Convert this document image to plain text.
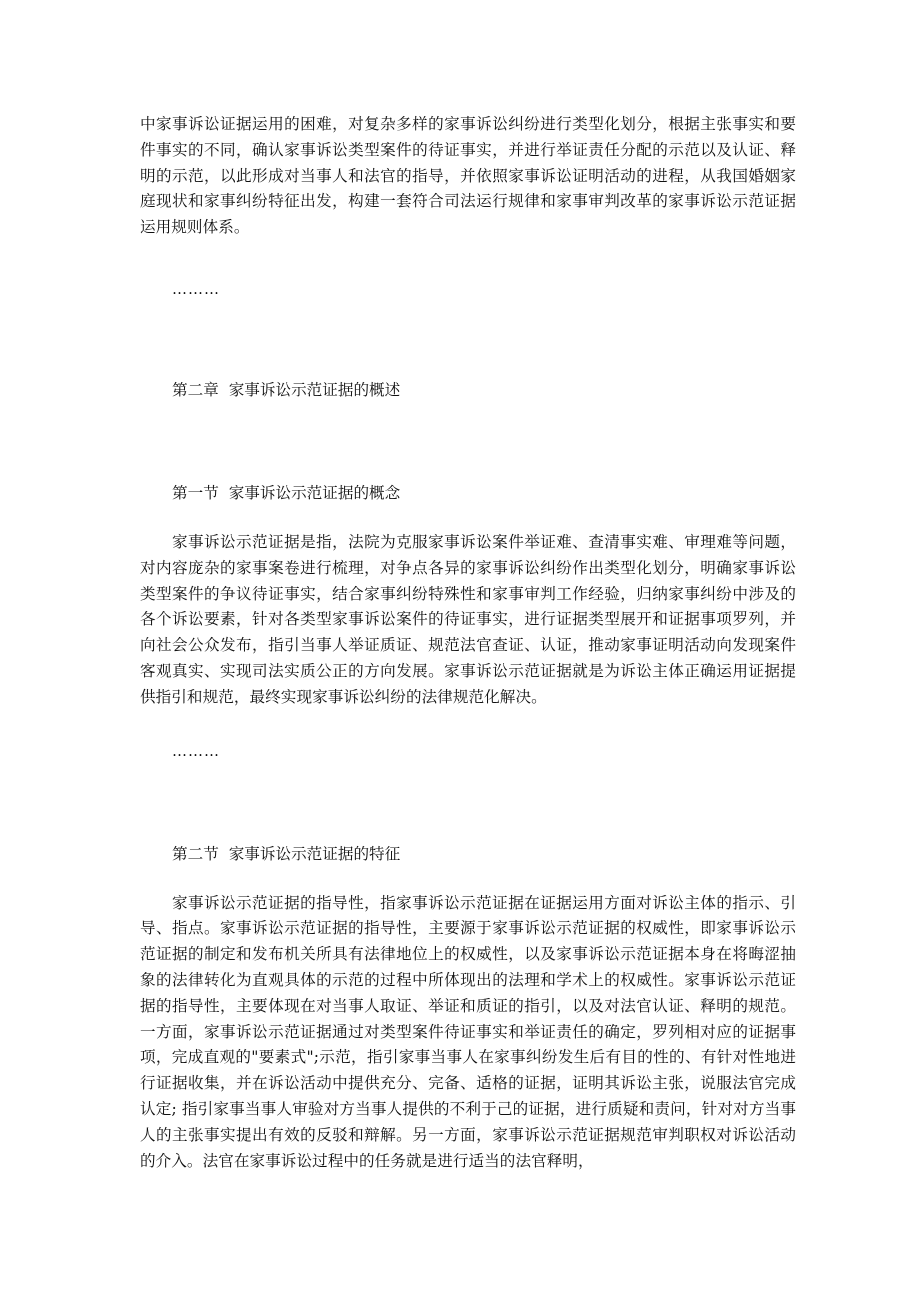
中家事诉讼证据运用的困难，对复杂多样的家事诉讼纠纷进行类型化划分，根据主张事实和要件事实的不同，确认家事诉讼类型案件的待证事实，并进行举证责任分配的示范以及认证、释明的示范，以此形成对当事人和法官的指导，并依照家事诉讼证明活动的进程，从我国婚姻家庭现状和家事纠纷特征出发，构建一套符合司法运行规律和家事审判改革的家事诉讼示范证据运用规则体系。

………

第二章  家事诉讼示范证据的概述

第一节  家事诉讼示范证据的概念

家事诉讼示范证据是指，法院为克服家事诉讼案件举证难、查清事实难、审理难等问题，对内容庞杂的家事案卷进行梳理，对争点各异的家事诉讼纠纷作出类型化划分，明确家事诉讼类型案件的争议待证事实，结合家事纠纷特殊性和家事审判工作经验，归纳家事纠纷中涉及的各个诉讼要素，针对各类型家事诉讼案件的待证事实，进行证据类型展开和证据事项罗列，并向社会公众发布，指引当事人举证质证、规范法官查证、认证，推动家事证明活动向发现案件客观真实、实现司法实质公正的方向发展。家事诉讼示范证据就是为诉讼主体正确运用证据提供指引和规范，最终实现家事诉讼纠纷的法律规范化解决。

………

第二节  家事诉讼示范证据的特征

家事诉讼示范证据的指导性，指家事诉讼示范证据在证据运用方面对诉讼主体的指示、引导、指点。家事诉讼示范证据的指导性，主要源于家事诉讼示范证据的权威性，即家事诉讼示范证据的制定和发布机关所具有法律地位上的权威性，以及家事诉讼示范证据本身在将晦涩抽象的法律转化为直观具体的示范的过程中所体现出的法理和学术上的权威性。家事诉讼示范证据的指导性，主要体现在对当事人取证、举证和质证的指引，以及对法官认证、释明的规范。一方面，家事诉讼示范证据通过对类型案件待证事实和举证责任的确定，罗列相对应的证据事项，完成直观的"要素式";示范，指引家事当事人在家事纠纷发生后有目的性的、有针对性地进行证据收集，并在诉讼活动中提供充分、完备、适格的证据，证明其诉讼主张，说服法官完成认定; 指引家事当事人审验对方当事人提供的不利于己的证据，进行质疑和责问，针对对方当事人的主张事实提出有效的反驳和辩解。另一方面，家事诉讼示范证据规范审判职权对诉讼活动的介入。法官在家事诉讼过程中的任务就是进行适当的法官释明，
